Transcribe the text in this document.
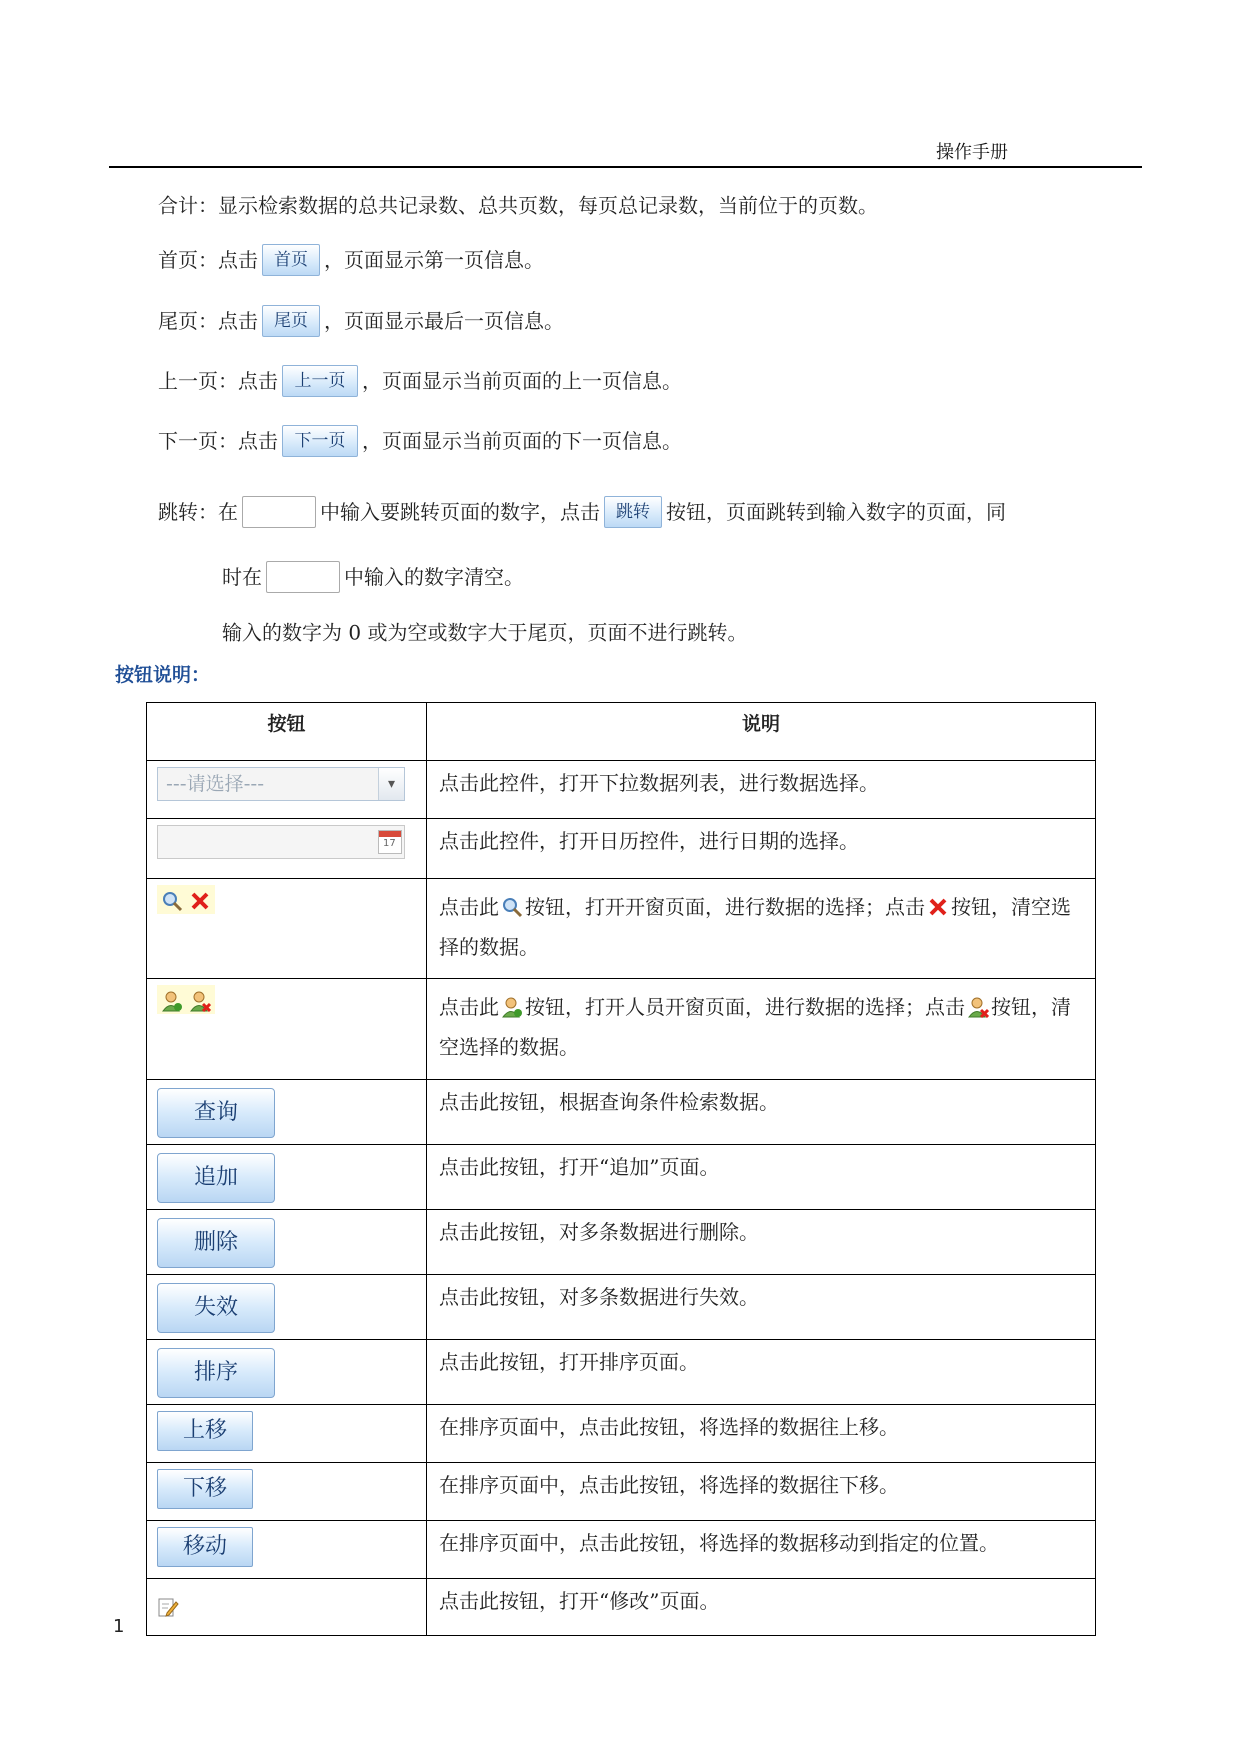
操作手册
合计：显示检索数据的总共记录数、总共页数，每页总记录数，当前位于的页数。
首页：点击 首页 ，页面显示第一页信息。
尾页：点击 尾页 ，页面显示最后一页信息。
上一页：点击 上一页 ，页面显示当前页面的上一页信息。
下一页：点击 下一页 ，页面显示当前页面的下一页信息。
跳转：在	中输入要跳转页面的数字，点击 跳转 按钮，页面跳转到输入数字的页面，同
时在	中输入的数字清空。
输入的数字为 0 或为空或数字大于尾页，页面不进行跳转。
按钮说明：
按钮	说明

---请选择--- ▾	点击此控件，打开下拉数据列表，进行数据选择。

17
	点击此控件，打开日历控件，进行日期的选择。
	点击此 按钮，打开开窗页面，进行数据的选择；点击 按钮，清空选择的数据。
	点击此 按钮，打开人员开窗页面，进行数据的选择；点击 按钮，清空选择的数据。
查询	点击此按钮，根据查询条件检索数据。
追加	点击此按钮，打开“追加”页面。
删除	点击此按钮，对多条数据进行删除。
失效	点击此按钮，对多条数据进行失效。
排序	点击此按钮，打开排序页面。
上移	在排序页面中，点击此按钮，将选择的数据往上移。
下移	在排序页面中，点击此按钮，将选择的数据往下移。
移动	在排序页面中，点击此按钮，将选择的数据移动到指定的位置。
	点击此按钮，打开“修改”页面。
1
